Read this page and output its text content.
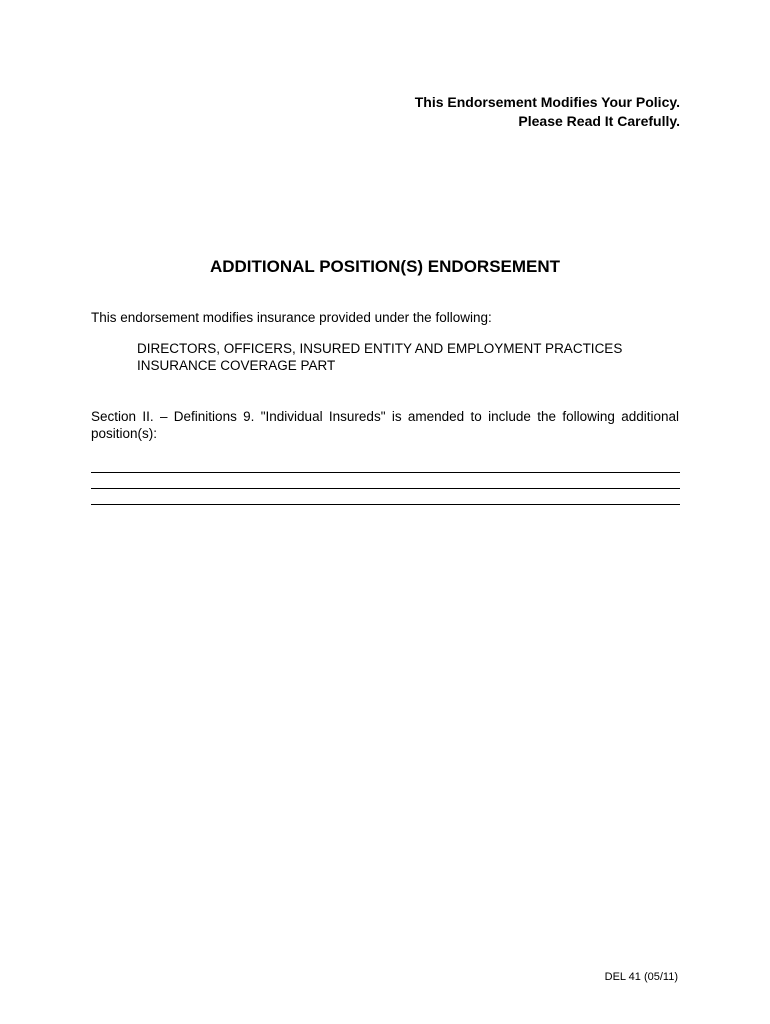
This Endorsement Modifies Your Policy.
Please Read It Carefully.
ADDITIONAL POSITION(S) ENDORSEMENT
This endorsement modifies insurance provided under the following:
DIRECTORS, OFFICERS, INSURED ENTITY AND EMPLOYMENT PRACTICES
INSURANCE COVERAGE PART
Section II. – Definitions 9. "Individual Insureds" is amended to include the following additional position(s):
DEL 41 (05/11)
